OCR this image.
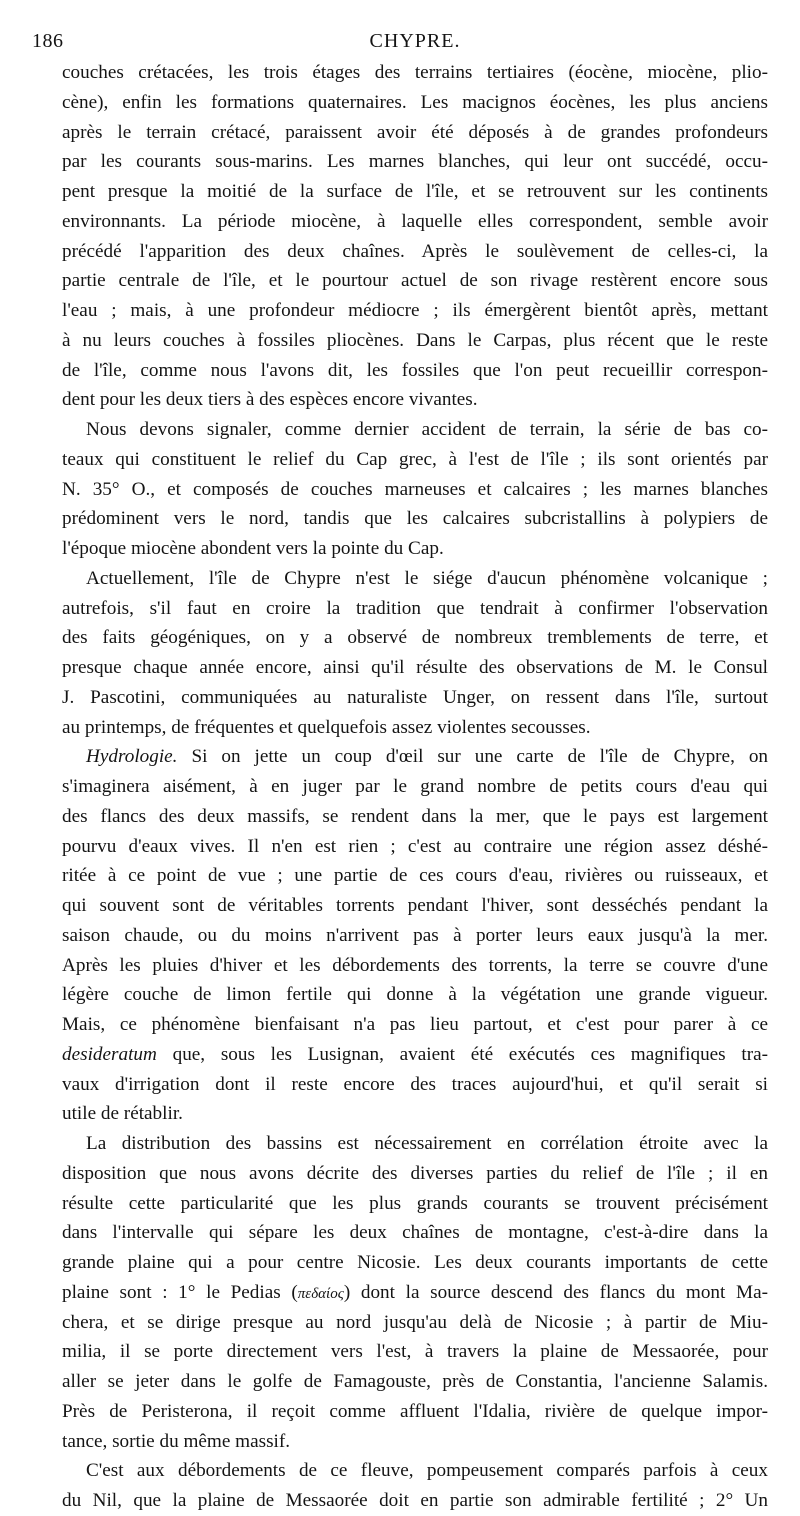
186	CHYPRE.
couches crétacées, les trois étages des terrains tertiaires (éocène, miocène, plio-
cène), enfin les formations quaternaires. Les macignos éocènes, les plus anciens
après le terrain crétacé, paraissent avoir été déposés à de grandes profondeurs
par les courants sous-marins. Les marnes blanches, qui leur ont succédé, occu-
pent presque la moitié de la surface de l'île, et se retrouvent sur les continents
environnants. La période miocène, à laquelle elles correspondent, semble avoir
précédé l'apparition des deux chaînes. Après le soulèvement de celles-ci, la
partie centrale de l'île, et le pourtour actuel de son rivage restèrent encore sous
l'eau ; mais, à une profondeur médiocre ; ils émergèrent bientôt après, mettant
à nu leurs couches à fossiles pliocènes. Dans le Carpas, plus récent que le reste
de l'île, comme nous l'avons dit, les fossiles que l'on peut recueillir correspon-
dent pour les deux tiers à des espèces encore vivantes.
Nous devons signaler, comme dernier accident de terrain, la série de bas co-
teaux qui constituent le relief du Cap grec, à l'est de l'île ; ils sont orientés par
N. 35° O., et composés de couches marneuses et calcaires ; les marnes blanches
prédominent vers le nord, tandis que les calcaires subcristallins à polypiers de
l'époque miocène abondent vers la pointe du Cap.
Actuellement, l'île de Chypre n'est le siége d'aucun phénomène volcanique ;
autrefois, s'il faut en croire la tradition que tendrait à confirmer l'observation
des faits géogéniques, on y a observé de nombreux tremblements de terre, et
presque chaque année encore, ainsi qu'il résulte des observations de M. le Consul
J. Pascotini, communiquées au naturaliste Unger, on ressent dans l'île, surtout
au printemps, de fréquentes et quelquefois assez violentes secousses.
Hydrologie. Si on jette un coup d'œil sur une carte de l'île de Chypre, on
s'imaginera aisément, à en juger par le grand nombre de petits cours d'eau qui
des flancs des deux massifs, se rendent dans la mer, que le pays est largement
pourvu d'eaux vives. Il n'en est rien ; c'est au contraire une région assez déshé-
ritée à ce point de vue ; une partie de ces cours d'eau, rivières ou ruisseaux, et
qui souvent sont de véritables torrents pendant l'hiver, sont desséchés pendant la
saison chaude, ou du moins n'arrivent pas à porter leurs eaux jusqu'à la mer.
Après les pluies d'hiver et les débordements des torrents, la terre se couvre d'une
légère couche de limon fertile qui donne à la végétation une grande vigueur.
Mais, ce phénomène bienfaisant n'a pas lieu partout, et c'est pour parer à ce
desideratum que, sous les Lusignan, avaient été exécutés ces magnifiques tra-
vaux d'irrigation dont il reste encore des traces aujourd'hui, et qu'il serait si
utile de rétablir.
La distribution des bassins est nécessairement en corrélation étroite avec la
disposition que nous avons décrite des diverses parties du relief de l'île ; il en
résulte cette particularité que les plus grands courants se trouvent précisément
dans l'intervalle qui sépare les deux chaînes de montagne, c'est-à-dire dans la
grande plaine qui a pour centre Nicosie. Les deux courants importants de cette
plaine sont : 1° le Pedias (πεδαίος) dont la source descend des flancs du mont Ma-
chera, et se dirige presque au nord jusqu'au delà de Nicosie ; à partir de Miu-
milia, il se porte directement vers l'est, à travers la plaine de Messaorée, pour
aller se jeter dans le golfe de Famagouste, près de Constantia, l'ancienne Salamis.
Près de Peristerona, il reçoit comme affluent l'Idalia, rivière de quelque impor-
tance, sortie du même massif.
C'est aux débordements de ce fleuve, pompeusement comparés parfois à ceux
du Nil, que la plaine de Messaorée doit en partie son admirable fertilité ; 2° Un
